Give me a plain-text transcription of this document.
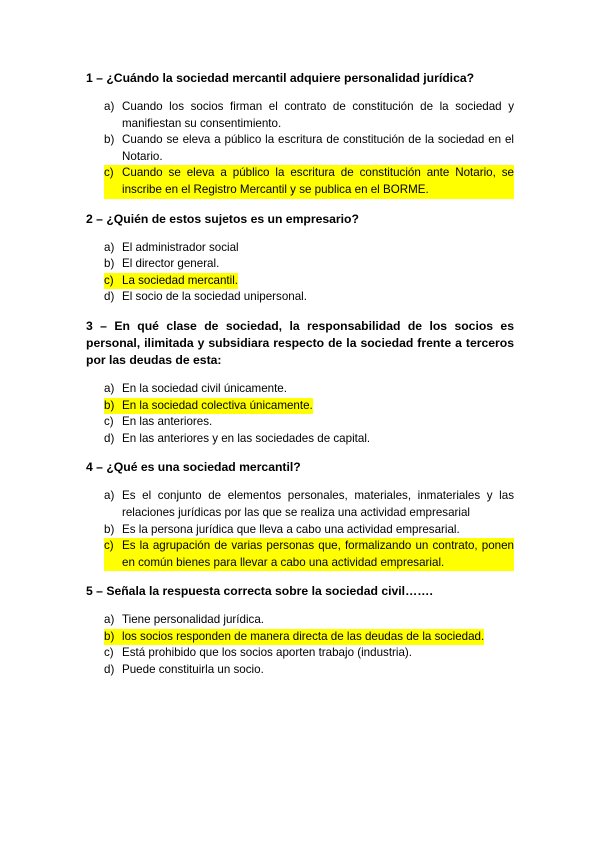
1 – ¿Cuándo la sociedad mercantil adquiere personalidad jurídica?

a) Cuando los socios firman el contrato de constitución de la sociedad y manifiestan su consentimiento.
b) Cuando se eleva a público la escritura de constitución de la sociedad en el Notario.
c) Cuando se eleva a público la escritura de constitución ante Notario, se inscribe en el Registro Mercantil y se publica en el BORME.

2 – ¿Quién de estos sujetos es un empresario?

a) El administrador social
b) El director general.
c) La sociedad mercantil.
d) El socio de la sociedad unipersonal.

3 – En qué clase de sociedad, la responsabilidad de los socios es personal, ilimitada y subsidiara respecto de la sociedad frente a terceros por las deudas de esta:

a) En la sociedad civil únicamente.
b) En la sociedad colectiva únicamente.
c) En las anteriores.
d) En las anteriores y en las sociedades de capital.

4 – ¿Qué es una sociedad mercantil?

a) Es el conjunto de elementos personales, materiales, inmateriales y las relaciones jurídicas por las que se realiza una actividad empresarial
b) Es la persona jurídica que lleva a cabo una actividad empresarial.
c) Es la agrupación de varias personas que, formalizando un contrato, ponen en común bienes para llevar a cabo una actividad empresarial.

5 – Señala la respuesta correcta sobre la sociedad civil…….

a) Tiene personalidad jurídica.
b) los socios responden de manera directa de las deudas de la sociedad.
c) Está prohibido que los socios aporten trabajo (industria).
d) Puede constituirla un socio.
